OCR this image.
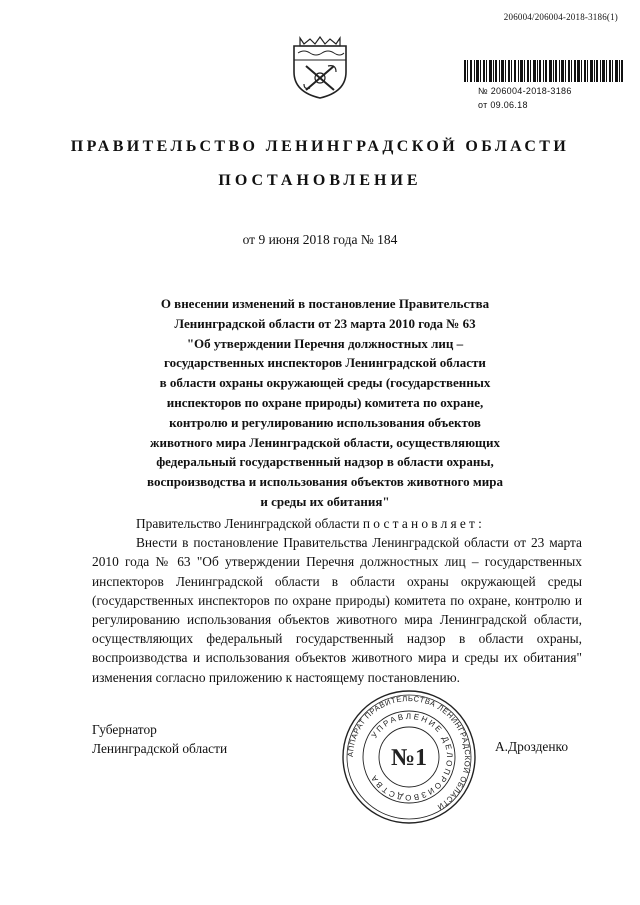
206004/206004-2018-3186(1)
№ 206004-2018-3186
от 09.06.18
ПРАВИТЕЛЬСТВО ЛЕНИНГРАДСКОЙ ОБЛАСТИ
ПОСТАНОВЛЕНИЕ
от 9 июня 2018 года № 184
О внесении изменений в постановление Правительства
Ленинградской области от 23 марта 2010 года № 63
"Об утверждении Перечня должностных лиц –
государственных инспекторов Ленинградской области
в области охраны окружающей среды (государственных
инспекторов по охране природы) комитета по охране,
контролю и регулированию использования объектов
животного мира Ленинградской области, осуществляющих
федеральный государственный надзор в области охраны,
воспроизводства и использования объектов животного мира
и среды их обитания"

Правительство Ленинградской области постановляет:

Внести в постановление Правительства Ленинградской области от 23 марта 2010 года № 63 "Об утверждении Перечня должностных лиц – государственных инспекторов Ленинградской области в области охраны окружающей среды (государственных инспекторов по охране природы) комитета по охране, контролю и регулированию использования объектов животного мира Ленинградской области, осуществляющих федеральный государственный надзор в области охраны, воспроизводства и использования объектов животного мира и среды их обитания" изменения согласно приложению к настоящему постановлению.

Губернатор
Ленинградской области	АППАРАТ ПРАВИТЕЛЬСТВА ЛЕНИНГРАДСКОЙ ОБЛАСТИ
УПРАВЛЕНИЕ ДЕЛОПРОИЗВОДСТВА
№1	А.Дрозденко
